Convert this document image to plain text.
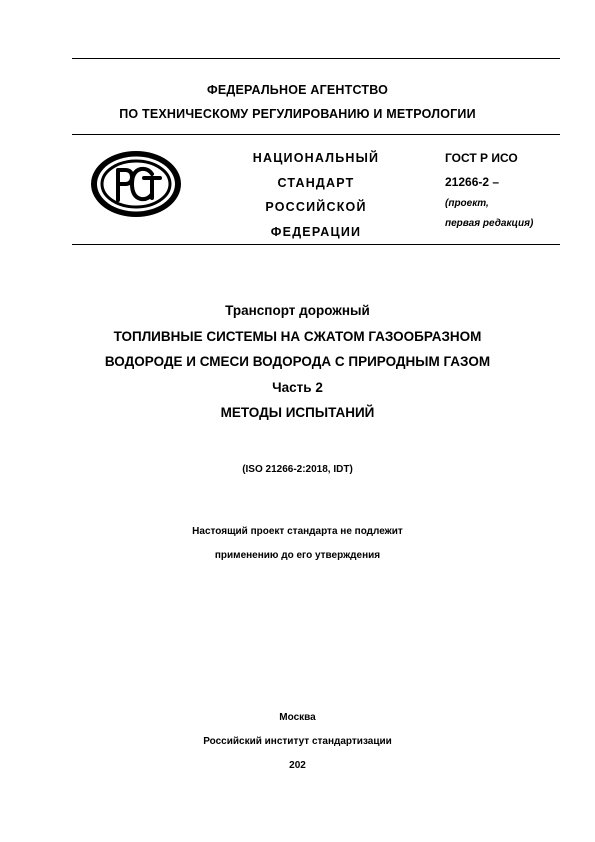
ФЕДЕРАЛЬНОЕ АГЕНТСТВО
ПО ТЕХНИЧЕСКОМУ РЕГУЛИРОВАНИЮ И МЕТРОЛОГИИ
НАЦИОНАЛЬНЫЙ
СТАНДАРТ
РОССИЙСКОЙ
ФЕДЕРАЦИИ
ГОСТ Р ИСО
21266-2 –
(проект,
первая редакция)
Транспорт дорожный
ТОПЛИВНЫЕ СИСТЕМЫ НА СЖАТОМ ГАЗООБРАЗНОМ
ВОДОРОДЕ И СМЕСИ ВОДОРОДА С ПРИРОДНЫМ ГАЗОМ
Часть 2
МЕТОДЫ ИСПЫТАНИЙ
(ISO 21266-2:2018, IDT)
Настоящий проект стандарта не подлежит
применению до его утверждения
Москва
Российский институт стандартизации
202
